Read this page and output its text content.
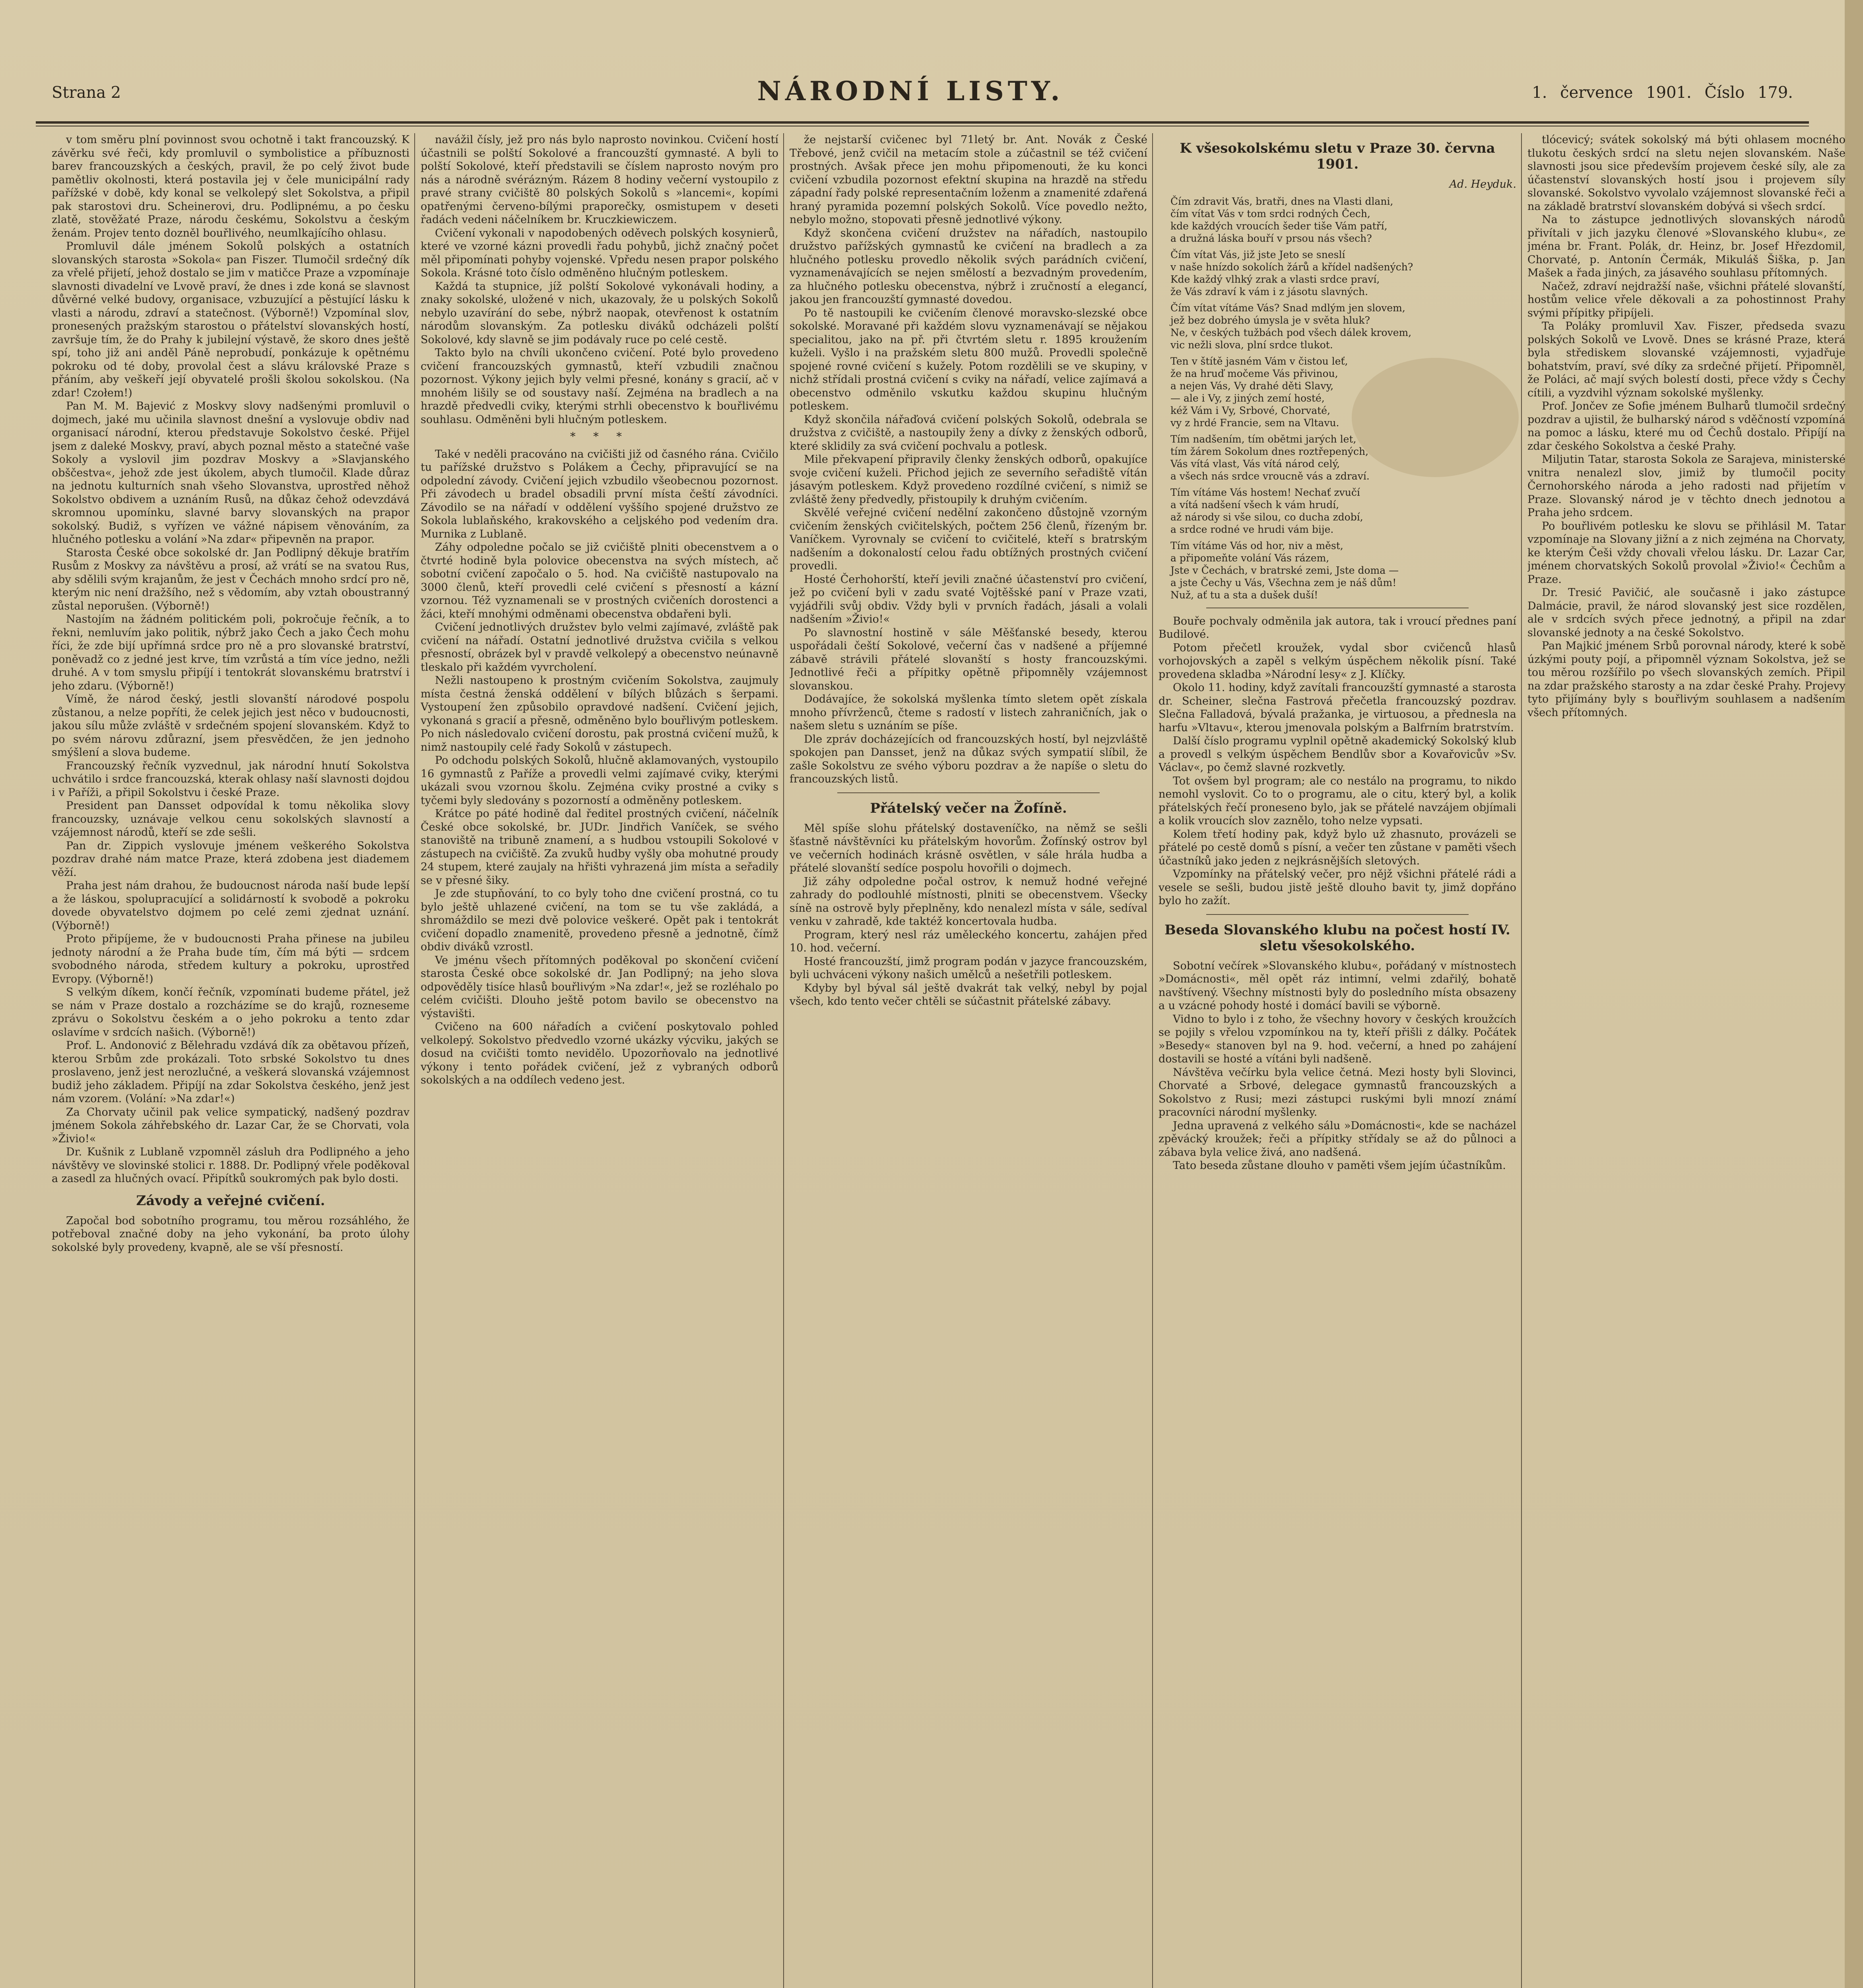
Strana 2	NÁRODNÍ LISTY.	1. července 1901. Číslo 179.

v tom směru plní povinnost svou ochotně i takt francouzský. K závěrku své řeči, kdy promluvil o symbolistice a příbuznosti barev francouzských a českých, pravil, že po celý život bude pamětliv okolnosti, která postavila jej v čele municipální rady pařížské v době, kdy konal se velkolepý slet Sokolstva, a připil pak starostovi dru. Scheinerovi, dru. Podlipnému, a po česku zlatě, stověžaté Praze, národu českému, Sokolstvu a českým ženám. Projev tento dozněl bouřlivého, neumlkajícího ohlasu.

Promluvil dále jménem Sokolů polských a ostatních slovanských starosta »Sokola« pan Fiszer. Tlumočil srdečný dík za vřelé přijetí, jehož dostalo se jim v matičce Praze a vzpomínaje slavnosti divadelní ve Lvově praví, že dnes i zde koná se slavnost důvěrné velké budovy, organisace, vzbuzující a pěstující lásku k vlasti a národu, zdraví a statečnost. (Výborně!) Vzpomínal slov, pronesených pražským starostou o přátelství slovanských hostí, završuje tím, že do Prahy k jubilejní výstavě, že skoro dnes ještě spí, toho již ani anděl Páně neprobudí, ponkázuje k opětnému pokroku od té doby, provolal čest a slávu královské Praze s přáním, aby veškeří její obyvatelé prošli školou sokolskou. (Na zdar! Czołem!)

Pan M. M. Bajević z Moskvy slovy nadšenými promluvil o dojmech, jaké mu učinila slavnost dnešní a vyslovuje obdiv nad organisací národní, kterou představuje Sokolstvo české. Přijel jsem z daleké Moskvy, praví, abych poznal město a statečné vaše Sokoly a vyslovil jim pozdrav Moskvy a »Slavjanského obščestva«, jehož zde jest úkolem, abych tlumočil. Klade důraz na jednotu kulturních snah všeho Slovanstva, uprostřed něhož Sokolstvo obdivem a uznáním Rusů, na důkaz čehož odevzdává skromnou upomínku, slavné barvy slovanských na prapor sokolský. Budiž, s vyřízen ve vážné nápisem věnováním, za hlučného potlesku a volání »Na zdar« připevněn na prapor.

Starosta České obce sokolské dr. Jan Podlipný děkuje bratřím Rusům z Moskvy za návštěvu a prosí, až vrátí se na svatou Rus, aby sdělili svým krajanům, že jest v Čechách mnoho srdcí pro ně, kterým nic není dražšího, než s vědomím, aby vztah oboustranný zůstal neporušen. (Výborně!)

Nastojím na žádném politickém poli, pokročuje řečník, a to řekni, nemluvím jako politik, nýbrž jako Čech a jako Čech mohu říci, že zde bijí upřímná srdce pro ně a pro slovanské bratrství, poněvadž co z jedné jest krve, tím vzrůstá a tím více jedno, nežli druhé. A v tom smyslu připíjí i tentokrát slovanskému bratrství i jeho zdaru. (Výborně!)

Vímě, že národ český, jestli slovanští národové pospolu zůstanou, a nelze popříti, že celek jejich jest něco v budoucnosti, jakou sílu může zvláště v srdečném spojení slovanském. Když to po svém nárovu zdůrazní, jsem přesvědčen, že jen jednoho smýšlení a slova budeme.

Francouzský řečník vyzvednul, jak národní hnutí Sokolstva uchvátilo i srdce francouzská, kterak ohlasy naší slavnosti dojdou i v Paříži, a připil Sokolstvu i české Praze.

President pan Dansset odpovídal k tomu několika slovy francouzsky, uznávaje velkou cenu sokolských slavností a vzájemnost národů, kteří se zde sešli.

Pan dr. Zippich vyslovuje jménem veškerého Sokolstva pozdrav drahé nám matce Praze, která zdobena jest diademem věží.

Praha jest nám drahou, že budoucnost národa naší bude lepší a že láskou, spolupracující a solidárností k svobodě a pokroku dovede obyvatelstvo dojmem po celé zemi zjednat uznání. (Výborně!)

Proto připíjeme, že v budoucnosti Praha přinese na jubileu jednoty národní a že Praha bude tím, čím má býti — srdcem svobodného národa, středem kultury a pokroku, uprostřed Evropy. (Výborně!)

S velkým díkem, končí řečník, vzpomínati budeme přátel, jež se nám v Praze dostalo a rozcházíme se do krajů, rozneseme zprávu o Sokolstvu českém a o jeho pokroku a tento zdar oslavíme v srdcích našich. (Výborně!)

Prof. L. Andonović z Bělehradu vzdává dík za obětavou přízeň, kterou Srbům zde prokázali. Toto srbské Sokolstvo tu dnes proslaveno, jenž jest nerozlučné, a veškerá slovanská vzájemnost budiž jeho základem. Připíjí na zdar Sokolstva českého, jenž jest nám vzorem. (Volání: »Na zdar!«)

Za Chorvaty učinil pak velice sympatický, nadšený pozdrav jménem Sokola záhřebského dr. Lazar Car, že se Chorvati, vola »Živio!«

Dr. Kušnik z Lublaně vzpomněl zásluh dra Podlipného a jeho návštěvy ve slovinské stolici r. 1888. Dr. Podlipný vřele poděkoval a zasedl za hlučných ovací. Připítků soukromých pak bylo dosti.

Závody a veřejné cvičení.

Započal bod sobotního programu, tou měrou rozsáhlého, že potřeboval značné doby na jeho vykonání, ba proto úlohy sokolské byly provedeny, kvapně, ale se vší přesností.

navážil čísly, jež pro nás bylo naprosto novinkou. Cvičení hostí účastnili se polští Sokolové a francouzští gymnasté. A byli to polští Sokolové, kteří představili se číslem naprosto novým pro nás a národně svérázným. Rázem 8 hodiny večerní vystoupilo z pravé strany cvičiště 80 polských Sokolů s »lancemi«, kopími opatřenými červeno-bílými praporečky, osmistupem v deseti řadách vedeni náčelníkem br. Kruczkiewiczem.

Cvičení vykonali v napodobených oděvech polských kosynierů, které ve vzorné kázni provedli řadu pohybů, jichž značný počet měl připomínati pohyby vojenské. Vpředu nesen prapor polského Sokola. Krásné toto číslo odměněno hlučným potleskem.

Každá ta stupnice, jíž polští Sokolové vykonávali hodiny, a znaky sokolské, uložené v nich, ukazovaly, že u polských Sokolů nebylo uzavírání do sebe, nýbrž naopak, otevřenost k ostatním národům slovanským. Za potlesku diváků odcházeli polští Sokolové, kdy slavně se jim podávaly ruce po celé cestě.

Takto bylo na chvíli ukončeno cvičení. Poté bylo provedeno cvičení francouzských gymnastů, kteří vzbudili značnou pozornost. Výkony jejich byly velmi přesné, konány s gracií, ač v mnohém lišily se od soustavy naší. Zejména na bradlech a na hrazdě předvedli cviky, kterými strhli obecenstvo k bouřlivému souhlasu. Odměněni byli hlučným potleskem.

* * *

Také v neděli pracováno na cvičišti již od časného rána. Cvičilo tu pařížské družstvo s Polákem a Čechy, připravující se na odpolední závody. Cvičení jejich vzbudilo všeobecnou pozornost. Při závodech u bradel obsadili první místa čeští závodníci. Závodilo se na nářadí v oddělení vyššího spojené družstvo ze Sokola lublaňského, krakovského a celjského pod vedením dra. Murnika z Lublaně.

Záhy odpoledne počalo se již cvičiště plniti obecenstvem a o čtvrté hodině byla polovice obecenstva na svých místech, ač sobotní cvičení započalo o 5. hod. Na cvičiště nastupovalo na 3000 členů, kteří provedli celé cvičení s přesností a kázní vzornou. Též vyznamenali se v prostných cvičeních dorostenci a žáci, kteří mnohými odměnami obecenstva obdařeni byli.

Cvičení jednotlivých družstev bylo velmi zajímavé, zvláště pak cvičení na nářadí. Ostatní jednotlivé družstva cvičila s velkou přesností, obrázek byl v pravdě velkolepý a obecenstvo neúnavně tleskalo při každém vyvrcholení.

Nežli nastoupeno k prostným cvičením Sokolstva, zaujmuly místa čestná ženská oddělení v bílých blůzách s šerpami. Vystoupení žen způsobilo opravdové nadšení. Cvičení jejich, vykonaná s gracií a přesně, odměněno bylo bouřlivým potleskem. Po nich následovalo cvičení dorostu, pak prostná cvičení mužů, k nimž nastoupily celé řady Sokolů v zástupech.

Po odchodu polských Sokolů, hlučně aklamovaných, vystoupilo 16 gymnastů z Paříže a provedli velmi zajímavé cviky, kterými ukázali svou vzornou školu. Zejména cviky prostné a cviky s tyčemi byly sledovány s pozorností a odměněny potleskem.

Krátce po páté hodině dal ředitel prostných cvičení, náčelník České obce sokolské, br. JUDr. Jindřich Vaníček, se svého stanoviště na tribuně znamení, a s hudbou vstoupili Sokolové v zástupech na cvičiště. Za zvuků hudby vyšly oba mohutné proudy 24 stupem, které zaujaly na hřišti vyhrazená jim místa a seřadily se v přesné šiky.

Je zde stupňování, to co byly toho dne cvičení prostná, co tu bylo ještě uhlazené cvičení, na tom se tu vše zakládá, a shromáždilo se mezi dvě polovice veškeré. Opět pak i tentokrát cvičení dopadlo znamenitě, provedeno přesně a jednotně, čímž obdiv diváků vzrostl.

Ve jménu všech přítomných poděkoval po skončení cvičení starosta České obce sokolské dr. Jan Podlipný; na jeho slova odpověděly tisíce hlasů bouřlivým »Na zdar!«, jež se rozléhalo po celém cvičišti. Dlouho ještě potom bavilo se obecenstvo na výstavišti.

Cvičeno na 600 nářadích a cvičení poskytovalo pohled velkolepý. Sokolstvo předvedlo vzorné ukázky výcviku, jakých se dosud na cvičišti tomto nevidělo. Upozorňovalo na jednotlivé výkony i tento pořádek cvičení, jež z vybraných odborů sokolských a na oddílech vedeno jest.

že nejstarší cvičenec byl 71letý br. Ant. Novák z České Třebové, jenž cvičil na metacím stole a zúčastnil se též cvičení prostných. Avšak přece jen mohu připomenouti, že ku konci cvičení vzbudila pozornost efektní skupina na hrazdě na středu západní řady polské representačním loženm a znamenité zdařená hraný pyramida pozemní polských Sokolů. Více povedlo nežto, nebylo možno, stopovati přesně jednotlivé výkony.

Když skončena cvičení družstev na nářadích, nastoupilo družstvo pařížských gymnastů ke cvičení na bradlech a za hlučného potlesku provedlo několik svých parádních cvičení, vyznamenávajících se nejen smělostí a bezvadným provedením, za hlučného potlesku obecenstva, nýbrž i zručností a elegancí, jakou jen francouzští gymnasté dovedou.

Po tě nastoupili ke cvičením členové moravsko-slezské obce sokolské. Moravané při každém slovu vyznamenávají se nějakou specialitou, jako na př. při čtvrtém sletu r. 1895 kroužením kuželi. Vyšlo i na pražském sletu 800 mužů. Provedli společně spojené rovné cvičení s kužely. Potom rozdělili se ve skupiny, v nichž střídali prostná cvičení s cviky na nářadí, velice zajímavá a obecenstvo odměnilo vskutku každou skupinu hlučným potleskem.

Když skončila nářaďová cvičení polských Sokolů, odebrala se družstva z cvičiště, a nastoupily ženy a dívky z ženských odborů, které sklidily za svá cvičení pochvalu a potlesk.

Mile překvapení připravily členky ženských odborů, opakujíce svoje cvičení kuželi. Přichod jejich ze severního seřadiště vítán jásavým potleskem. Když provedeno rozdílné cvičení, s nimiž se zvláště ženy předvedly, přistoupily k druhým cvičením.

Skvělé veřejné cvičení nedělní zakončeno důstojně vzorným cvičením ženských cvičitelských, počtem 256 členů, řízeným br. Vaníčkem. Vyrovnaly se cvičení to cvičitelé, kteří s bratrským nadšením a dokonalostí celou řadu obtížných prostných cvičení provedli.

Hosté Čerhohorští, kteří jevili značné účastenství pro cvičení, jež po cvičení byli v zadu svaté Vojtěšské paní v Praze vzati, vyjádřili svůj obdiv. Vždy byli v prvních řadách, jásali a volali nadšením »Živio!«

Po slavnostní hostině v sále Měšťanské besedy, kterou uspořádali čeští Sokolové, večerní čas v nadšené a příjemné zábavě strávili přátelé slovanští s hosty francouzskými. Jednotlivé řeči a přípitky opětně připomněly vzájemnost slovanskou.

Dodávajíce, že sokolská myšlenka tímto sletem opět získala mnoho přívrženců, čteme s radostí v listech zahraničních, jak o našem sletu s uznáním se píše.

Dle zpráv docházejících od francouzských hostí, byl nejzvláště spokojen pan Dansset, jenž na důkaz svých sympatií slíbil, že zašle Sokolstvu ze svého výboru pozdrav a že napíše o sletu do francouzských listů.

Přátelský večer na Žofíně.

Měl spíše slohu přátelský dostaveníčko, na němž se sešli šťastně návštěvníci ku přátelským hovorům. Žofínský ostrov byl ve večerních hodinách krásně osvětlen, v sále hrála hudba a přátelé slovanští sedíce pospolu hovořili o dojmech.

Již záhy odpoledne počal ostrov, k nemuž hodné veřejné zahrady do podlouhlé místnosti, plniti se obecenstvem. Všecky síně na ostrově byly přeplněny, kdo nenalezl místa v sále, sedíval venku v zahradě, kde taktéž koncertovala hudba.

Program, který nesl ráz uměleckého koncertu, zahájen před 10. hod. večerní.

Hosté francouzští, jimž program podán v jazyce francouzském, byli uchváceni výkony našich umělců a nešetřili potleskem.

Kdyby byl býval sál ještě dvakrát tak velký, nebyl by pojal všech, kdo tento večer chtěli se súčastnit přátelské zábavy.

K všesokolskému sletu v Praze 30. června 1901.
Ad. Heyduk.

Čím zdravit Vás, bratři, dnes na Vlasti dlani,
čím vítat Vás v tom srdci rodných Čech,
kde každých vroucích šeder tiše Vám patří,
a družná láska bouří v prsou nás všech?

Čím vítat Vás, již jste Jeto se sneslí
v naše hnízdo sokolích žárů a křídel nadšených?
Kde každý vlhký zrak a vlasti srdce praví,
že Vás zdraví k vám i z jásotu slavných.

Čím vítat vítáme Vás? Snad mdlým jen slovem,
jež bez dobrého úmysla je v světa hluk?
Ne, v českých tužbách pod všech dálek krovem,
vic nežli slova, plní srdce tlukot.

Ten v štítě jasném Vám v čistou leť,
že na hruď močeme Vás přivinou,
a nejen Vás, Vy drahé děti Slavy,
— ale i Vy, z jiných zemí hosté,
kéž Vám i Vy, Srbové, Chorvaté,
vy z hrdé Francie, sem na Vltavu.

Tím nadšením, tím obětmi jarých let,
tím žárem Sokolum dnes roztřepených,
Vás vítá vlast, Vás vítá národ celý,
a všech nás srdce vroucně vás a zdraví.

Tím vítáme Vás hostem! Nechať zvučí
a vítá nadšení všech k vám hrudí,
až národy si vše silou, co ducha zdobí,
a srdce rodné ve hrudi vám bije.

Tím vítáme Vás od hor, niv a měst,
a připomeňte volání Vás rázem,
Jste v Čechách, v bratrské zemi, Jste doma —
a jste Čechy u Vás, Všechna zem je náš dům!
Nuž, ať tu a sta a dušek duší!

Bouře pochvaly odměnila jak autora, tak i vroucí přednes paní Budilové.

Potom přečetl kroužek, vydal sbor cvičenců hlasů vorhojovských a zapěl s velkým úspěchem několik písní. Také provedena skladba »Národní lesy« z J. Klíčky.

Okolo 11. hodiny, když zavítali francouzští gymnasté a starosta dr. Scheiner, slečna Fastrová přečetla francouzský pozdrav. Slečna Falladová, bývalá pražanka, je virtuosou, a přednesla na harfu »Vltavu«, kterou jmenovala polským a Balfrním bratrstvím.

Další číslo programu vyplnil opětně akademický Sokolský klub a provedl s velkým úspěchem Bendlův sbor a Kovařovicův »Sv. Václav«, po čemž slavné rozkvetly.

Tot ovšem byl program; ale co nestálo na programu, to nikdo nemohl vyslovit. Co to o programu, ale o citu, který byl, a kolik přátelských řečí proneseno bylo, jak se přátelé navzájem objímali a kolik vroucích slov zaznělo, toho nelze vypsati.

Kolem třetí hodiny pak, když bylo už zhasnuto, provázeli se přátelé po cestě domů s písní, a večer ten zůstane v paměti všech účastníků jako jeden z nejkrásnějších sletových.

Vzpomínky na přátelský večer, pro nějž všichni přátelé rádi a vesele se sešli, budou jistě ještě dlouho bavit ty, jimž dopřáno bylo ho zažít.

Beseda Slovanského klubu na počest hostí IV. sletu všesokolského.

Sobotní večírek »Slovanského klubu«, pořádaný v místnostech »Domácnosti«, měl opět ráz intimní, velmi zdařilý, bohatě navštívený. Všechny místnosti byly do posledního místa obsazeny a u vzácné pohody hosté i domácí bavili se výborně.

Vidno to bylo i z toho, že všechny hovory v českých kroužcích se pojily s vřelou vzpomínkou na ty, kteří přišli z dálky. Počátek »Besedy« stanoven byl na 9. hod. večerní, a hned po zahájení dostavili se hosté a vítáni byli nadšeně.

Návštěva večírku byla velice četná. Mezi hosty byli Slovinci, Chorvaté a Srbové, delegace gymnastů francouzských a Sokolstvo z Rusi; mezi zástupci ruskými byli mnozí známí pracovníci národní myšlenky.

Jedna upravená z velkého sálu »Domácnosti«, kde se nacházel zpěvácký kroužek; řeči a přípitky střídaly se až do půlnoci a zábava byla velice živá, ano nadšená.

Tato beseda zůstane dlouho v paměti všem jejím účastníkům.

tlócevicý; svátek sokolský má býti ohlasem mocného tlukotu českých srdcí na sletu nejen slovanském. Naše slavnosti jsou sice především projevem české síly, ale za účastenství slovanských hostí jsou i projevem síly slovanské. Sokolstvo vyvolalo vzájemnost slovanské řeči a na základě bratrství slovanském dobývá si všech srdcí.

Na to zástupce jednotlivých slovanských národů přivítali v jich jazyku členové »Slovanského klubu«, ze jména br. Frant. Polák, dr. Heinz, br. Josef Hřezdomil, Chorvaté, p. Antonín Čermák, Mikuláš Šiška, p. Jan Mašek a řada jiných, za jásavého souhlasu přítomných.

Načež, zdraví nejdražší naše, všichni přátelé slovanští, hostům velice vřele děkovali a za pohostinnost Prahy svými přípitky připíjeli.

Ta Poláky promluvil Xav. Fiszer, předseda svazu polských Sokolů ve Lvově. Dnes se krásné Praze, která byla střediskem slovanské vzájemnosti, vyjadřuje bohatstvím, praví, své díky za srdečné přijetí. Připomněl, že Poláci, ač mají svých bolestí dosti, přece vždy s Čechy cítili, a vyzdvihl význam sokolské myšlenky.

Prof. Jončev ze Sofie jménem Bulharů tlumočil srdečný pozdrav a ujistil, že bulharský národ s vděčností vzpomíná na pomoc a lásku, které mu od Čechů dostalo. Připíjí na zdar českého Sokolstva a české Prahy.

Miljutin Tatar, starosta Sokola ze Sarajeva, ministerské vnitra nenalezl slov, jimiž by tlumočil pocity Černohorského národa a jeho radosti nad přijetím v Praze. Slovanský národ je v těchto dnech jednotou a Praha jeho srdcem.

Po bouřlivém potlesku ke slovu se přihlásil M. Tatar vzpomínaje na Slovany jižní a z nich zejména na Chorvaty, ke kterým Češi vždy chovali vřelou lásku. Dr. Lazar Car, jménem chorvatských Sokolů provolal »Živio!« Čechům a Praze.

Dr. Tresić Pavičić, ale současně i jako zástupce Dalmácie, pravil, že národ slovanský jest sice rozdělen, ale v srdcích svých přece jednotný, a připil na zdar slovanské jednoty a na české Sokolstvo.

Pan Majkić jménem Srbů porovnal národy, které k sobě úzkými pouty pojí, a připomněl význam Sokolstva, jež se tou měrou rozšířilo po všech slovanských zemích. Připil na zdar pražského starosty a na zdar české Prahy. Projevy tyto přijímány byly s bouřlivým souhlasem a nadšením všech přítomných.
